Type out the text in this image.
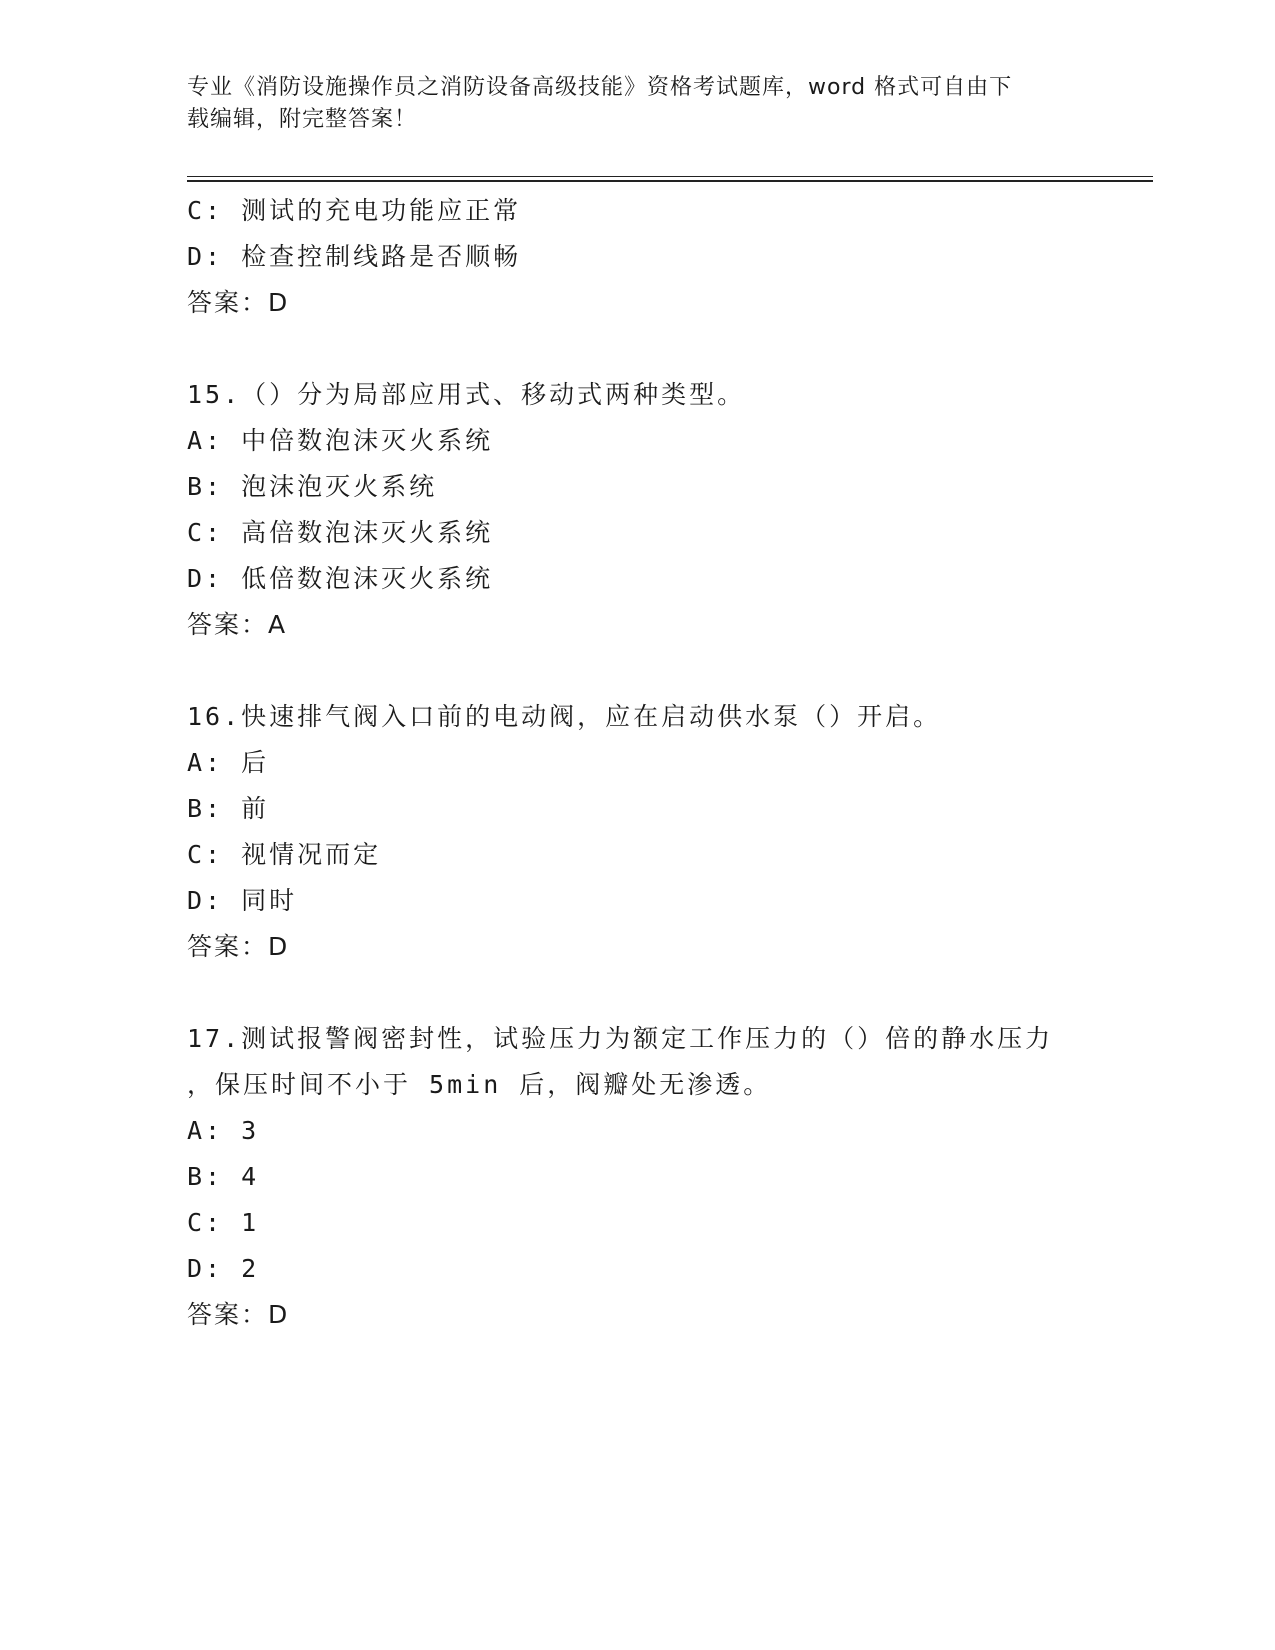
专业《消防设施操作员之消防设备高级技能》资格考试题库，word 格式可自由下
载编辑，附完整答案！
C: 测试的充电功能应正常
D: 检查控制线路是否顺畅
答案：D
15.（）分为局部应用式、移动式两种类型。
A: 中倍数泡沫灭火系统
B: 泡沫泡灭火系统
C: 高倍数泡沫灭火系统
D: 低倍数泡沫灭火系统
答案：A
16.快速排气阀入口前的电动阀，应在启动供水泵（）开启。
A: 后
B: 前
C: 视情况而定
D: 同时
答案：D
17.测试报警阀密封性，试验压力为额定工作压力的（）倍的静水压力
，保压时间不小于 5min 后，阀瓣处无渗透。
A: 3
B: 4
C: 1
D: 2
答案：D
